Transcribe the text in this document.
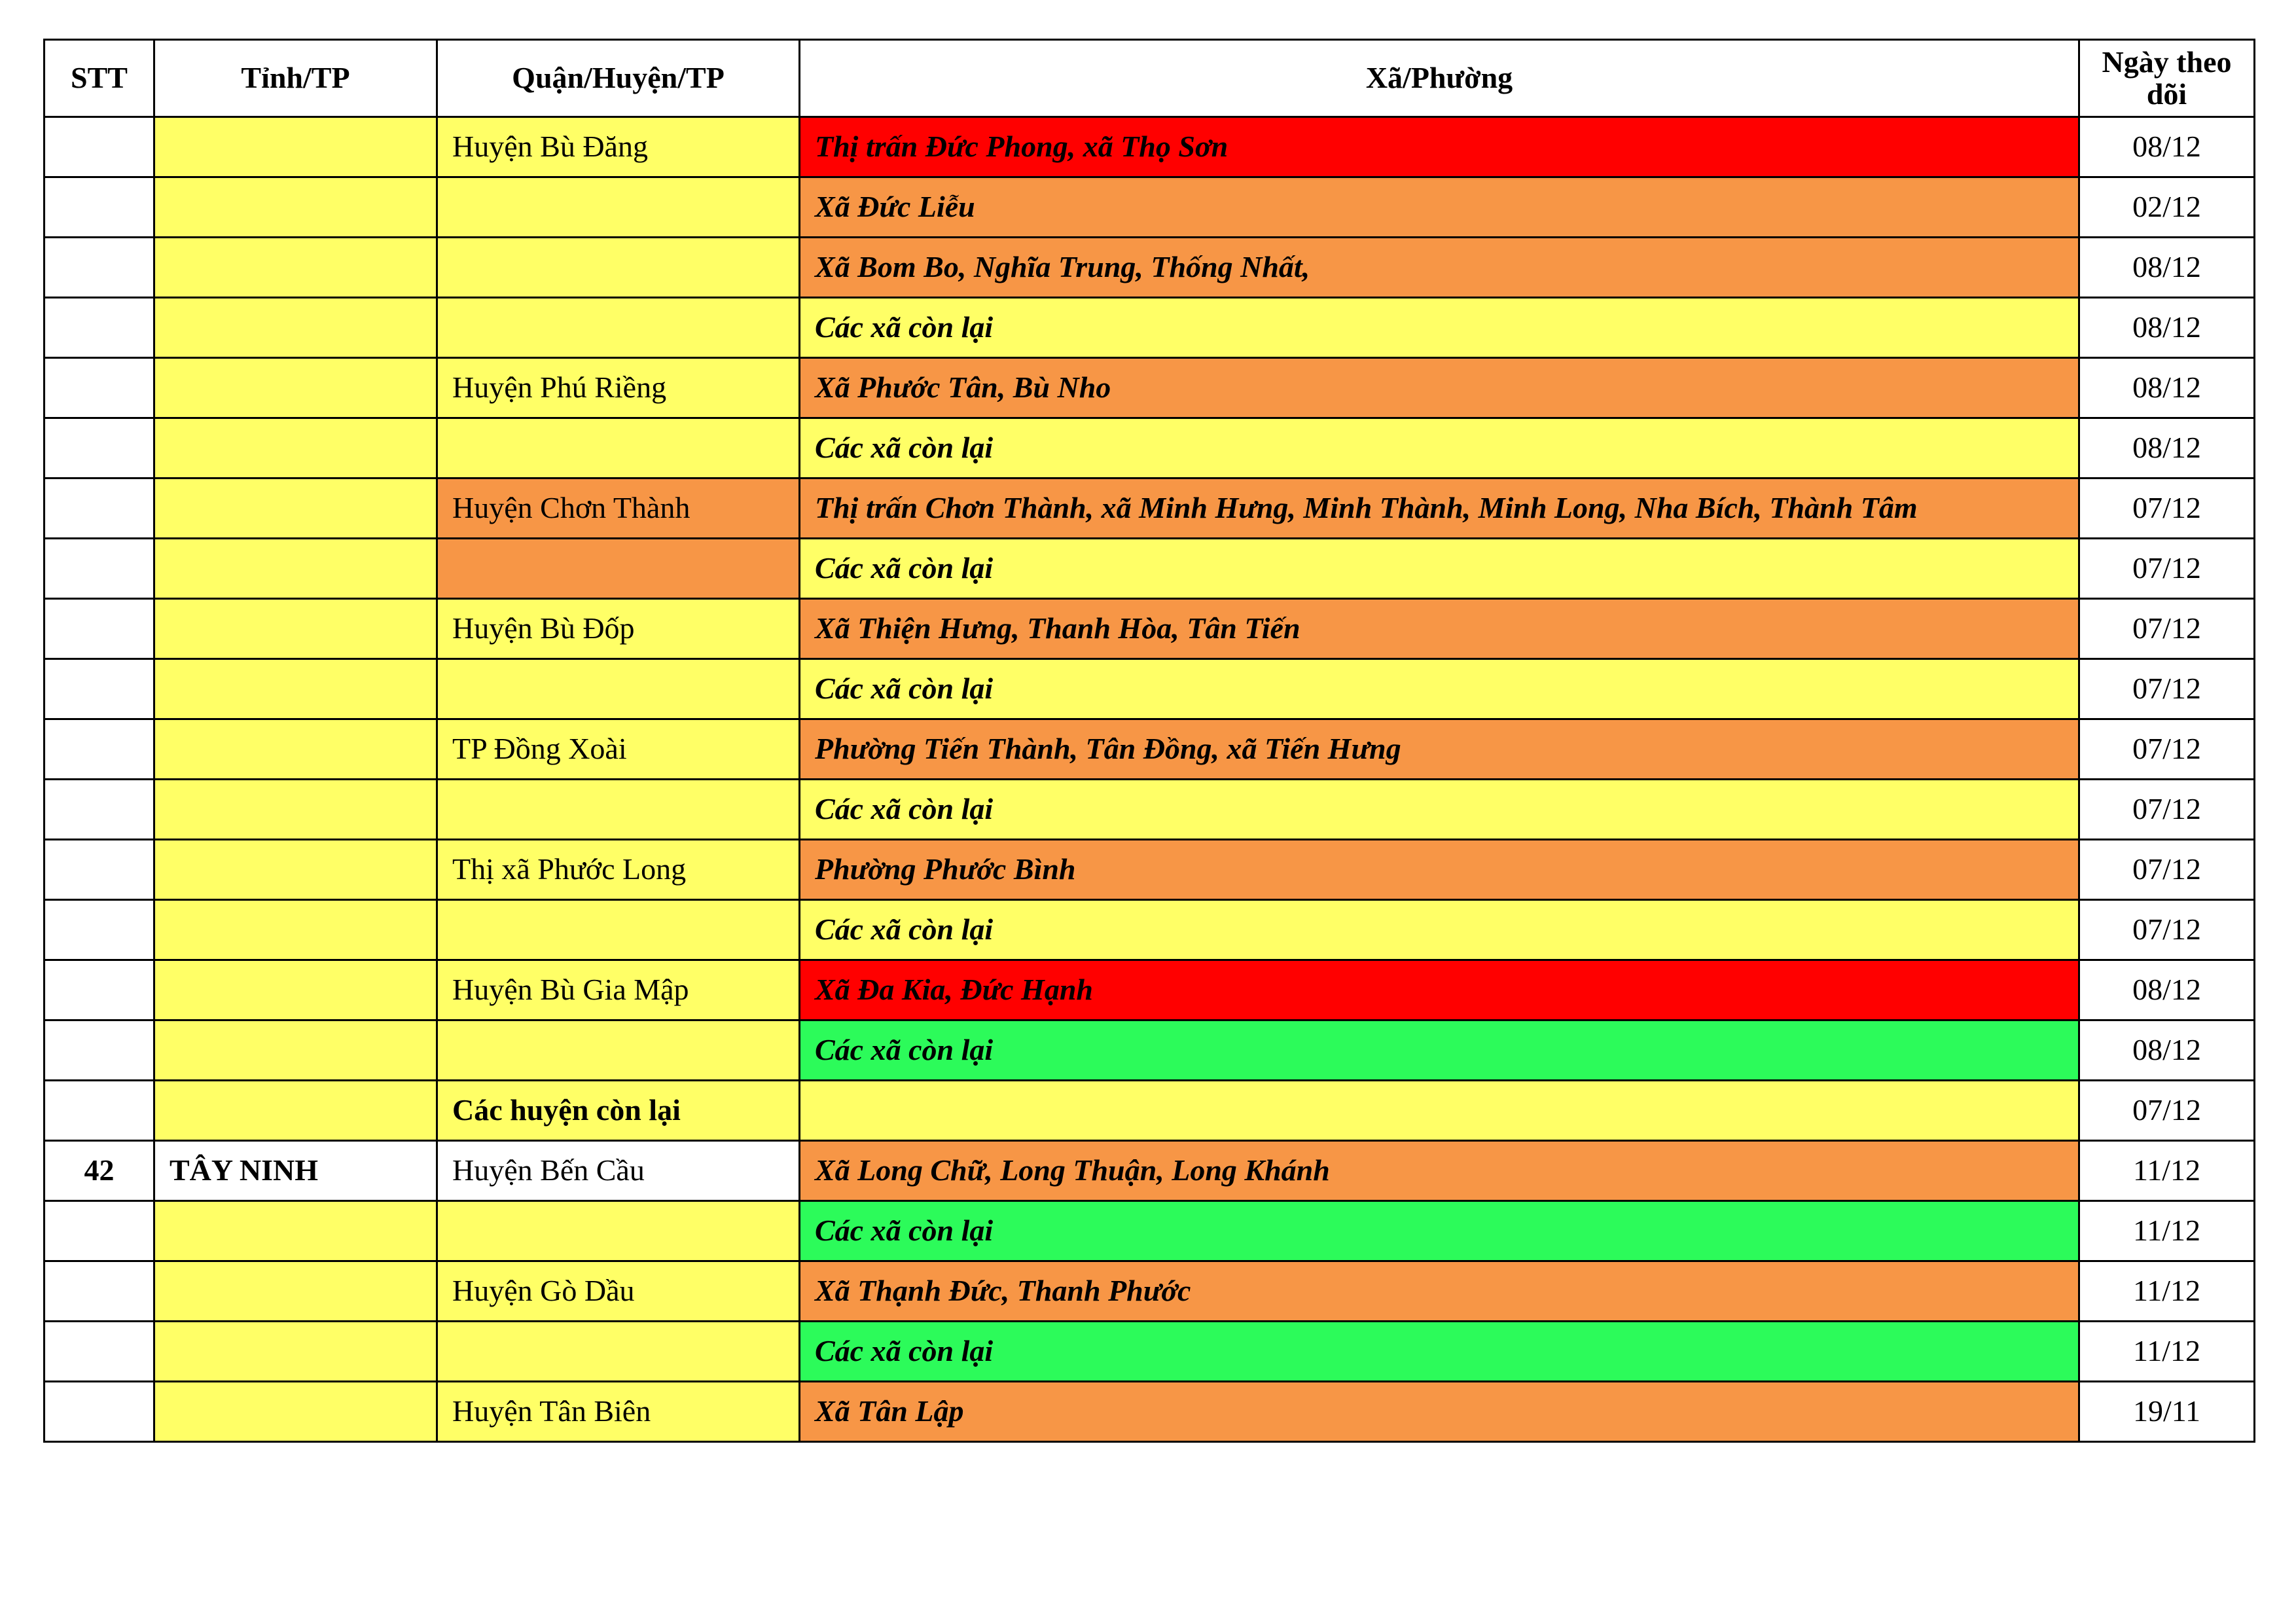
STT	Tỉnh/TP	Quận/Huyện/TP	Xã/Phường	Ngày theo dõi
		Huyện Bù Đăng	Thị trấn Đức Phong, xã Thọ Sơn	08/12
			Xã Đức Liễu	02/12
			Xã Bom Bo, Nghĩa Trung, Thống Nhất,	08/12
			Các xã còn lại	08/12
		Huyện Phú Riềng	Xã Phước Tân, Bù Nho	08/12
			Các xã còn lại	08/12
		Huyện Chơn Thành	Thị trấn Chơn Thành, xã Minh Hưng, Minh Thành, Minh Long, Nha Bích, Thành Tâm	07/12
			Các xã còn lại	07/12
		Huyện Bù Đốp	Xã Thiện Hưng, Thanh Hòa, Tân Tiến	07/12
			Các xã còn lại	07/12
		TP Đồng Xoài	Phường Tiến Thành, Tân Đồng, xã Tiến Hưng	07/12
			Các xã còn lại	07/12
		Thị xã Phước Long	Phường Phước Bình	07/12
			Các xã còn lại	07/12
		Huyện Bù Gia Mập	Xã Đa Kia, Đức Hạnh	08/12
			Các xã còn lại	08/12
		Các huyện còn lại		07/12
42	TÂY NINH	Huyện Bến Cầu	Xã Long Chữ, Long Thuận, Long Khánh	11/12
			Các xã còn lại	11/12
		Huyện Gò Dầu	Xã Thạnh Đức, Thanh Phước	11/12
			Các xã còn lại	11/12
		Huyện Tân Biên	Xã Tân Lập	19/11
